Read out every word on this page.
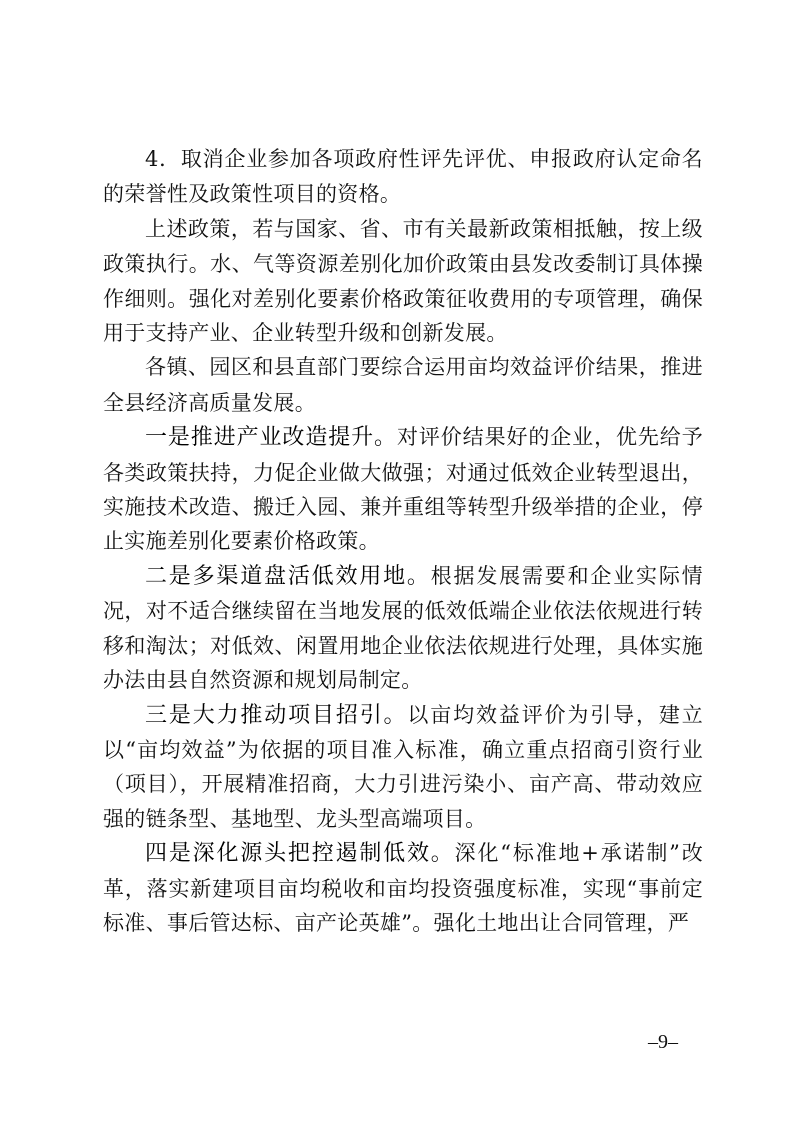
4．取消企业参加各项政府性评先评优、申报政府认定命名的荣誉性及政策性项目的资格。

上述政策，若与国家、省、市有关最新政策相抵触，按上级政策执行。水、气等资源差别化加价政策由县发改委制订具体操作细则。强化对差别化要素价格政策征收费用的专项管理，确保用于支持产业、企业转型升级和创新发展。

各镇、园区和县直部门要综合运用亩均效益评价结果，推进全县经济高质量发展。

一是推进产业改造提升。对评价结果好的企业，优先给予各类政策扶持，力促企业做大做强；对通过低效企业转型退出，实施技术改造、搬迁入园、兼并重组等转型升级举措的企业，停止实施差别化要素价格政策。

二是多渠道盘活低效用地。根据发展需要和企业实际情况，对不适合继续留在当地发展的低效低端企业依法依规进行转移和淘汰；对低效、闲置用地企业依法依规进行处理，具体实施办法由县自然资源和规划局制定。

三是大力推动项目招引。以亩均效益评价为引导，建立以“亩均效益”为依据的项目准入标准，确立重点招商引资行业（项目），开展精准招商，大力引进污染小、亩产高、带动效应强的链条型、基地型、龙头型高端项目。

四是深化源头把控遏制低效。深化“标准地+承诺制”改革，落实新建项目亩均税收和亩均投资强度标准，实现“事前定标准、事后管达标、亩产论英雄”。强化土地出让合同管理，严

–9–
